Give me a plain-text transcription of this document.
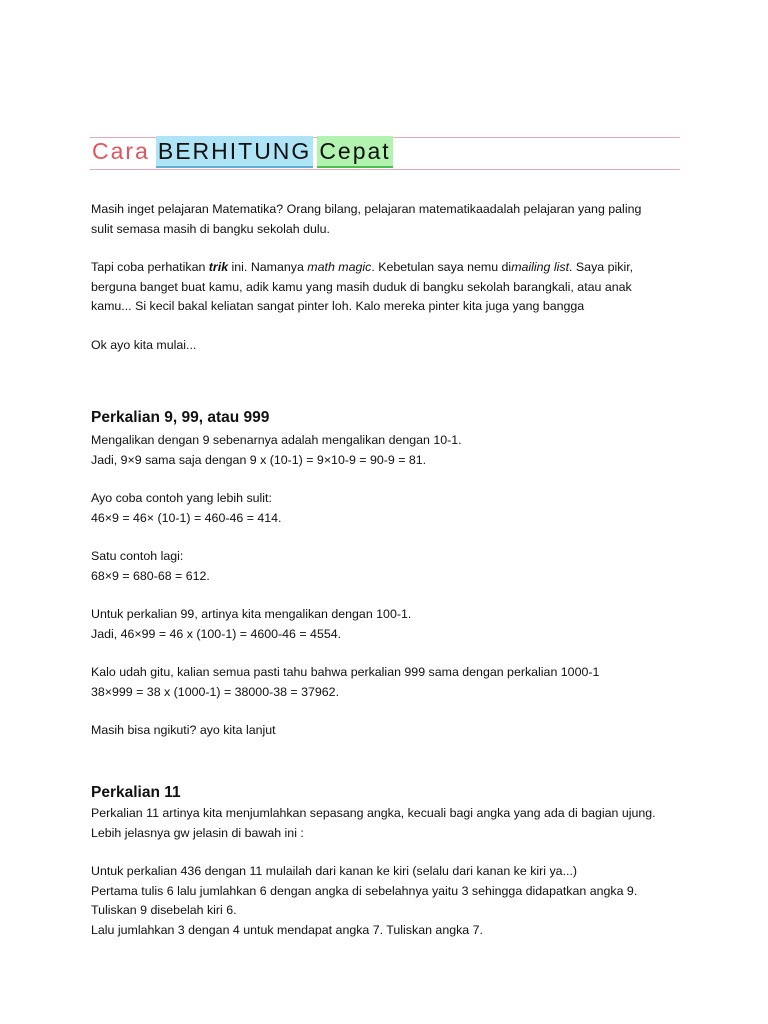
Cara BERHITUNG Cepat
Masih inget pelajaran Matematika? Orang bilang, pelajaran matematikaadalah pelajaran yang paling
sulit semasa masih di bangku sekolah dulu.
Tapi coba perhatikan trik ini. Namanya math magic. Kebetulan saya nemu dimailing list. Saya pikir,
berguna banget buat kamu, adik kamu yang masih duduk di bangku sekolah barangkali, atau anak
kamu... Si kecil bakal keliatan sangat pinter loh. Kalo mereka pinter kita juga yang bangga
Ok ayo kita mulai...
Perkalian 9, 99, atau 999
Mengalikan dengan 9 sebenarnya adalah mengalikan dengan 10-1.
Jadi, 9×9 sama saja dengan 9 x (10-1) = 9×10-9 = 90-9 = 81.
Ayo coba contoh yang lebih sulit:
46×9 = 46× (10-1) = 460-46 = 414.
Satu contoh lagi:
68×9 = 680-68 = 612.
Untuk perkalian 99, artinya kita mengalikan dengan 100-1.
Jadi, 46×99 = 46 x (100-1) = 4600-46 = 4554.
Kalo udah gitu, kalian semua pasti tahu bahwa perkalian 999 sama dengan perkalian 1000-1
38×999 = 38 x (1000-1) = 38000-38 = 37962.
Masih bisa ngikuti? ayo kita lanjut
Perkalian 11
Perkalian 11 artinya kita menjumlahkan sepasang angka, kecuali bagi angka yang ada di bagian ujung.
Lebih jelasnya gw jelasin di bawah ini :
Untuk perkalian 436 dengan 11 mulailah dari kanan ke kiri (selalu dari kanan ke kiri ya...)
Pertama tulis 6 lalu jumlahkan 6 dengan angka di sebelahnya yaitu 3 sehingga didapatkan angka 9.
Tuliskan 9 disebelah kiri 6.
Lalu jumlahkan 3 dengan 4 untuk mendapat angka 7. Tuliskan angka 7.
